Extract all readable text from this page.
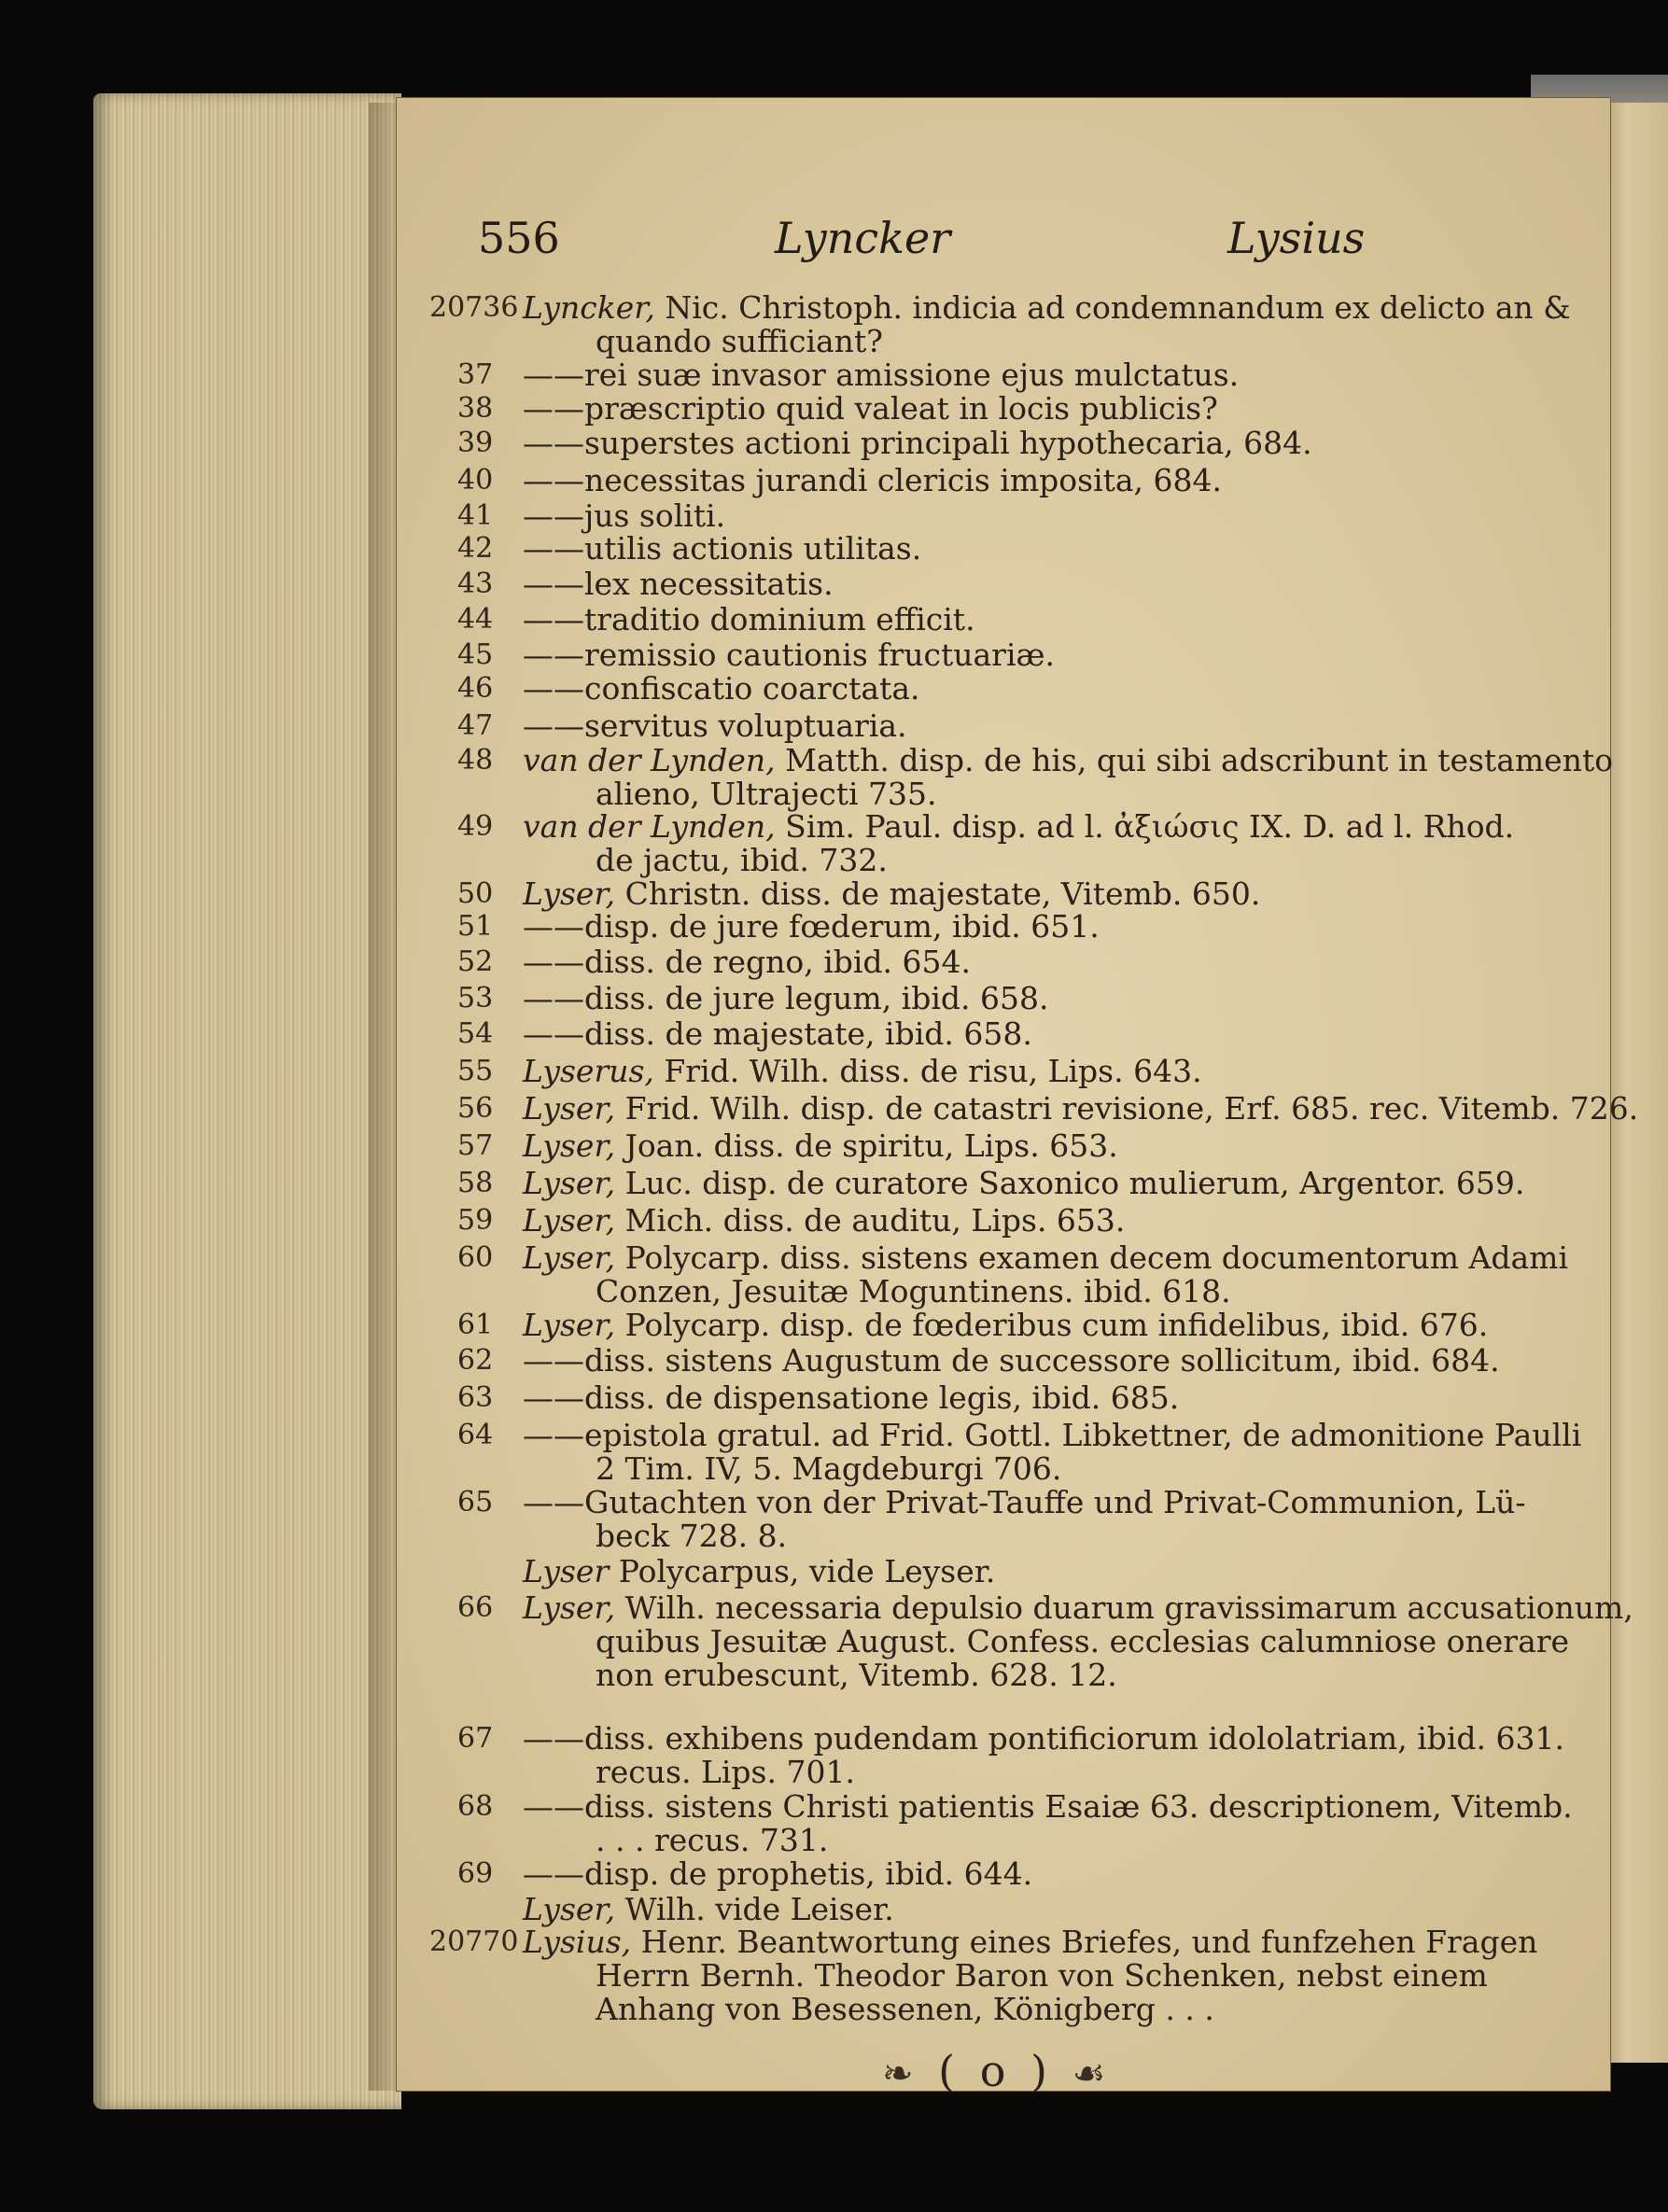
556	Lyncker	Lysius
20736 Lyncker, Nic. Christoph. indicia ad condemnandum ex delicto an &
quando sufficiant?
37 ——rei suæ invasor amissione ejus mulctatus.
38 ——præscriptio quid valeat in locis publicis?
39 ——superstes actioni principali hypothecaria, 684.
40 ——necessitas jurandi clericis imposita, 684.
41 ——jus soliti.
42 ——utilis actionis utilitas.
43 ——lex necessitatis.
44 ——traditio dominium efficit.
45 ——remissio cautionis fructuariæ.
46 ——confiscatio coarctata.
47 ——servitus voluptuaria.
48 van der Lynden, Matth. disp. de his, qui sibi adscribunt in testamento
alieno, Ultrajecti 735.
49 van der Lynden, Sim. Paul. disp. ad l. ἀξιώσις IX. D. ad l. Rhod.
de jactu, ibid. 732.
50 Lyser, Christn. diss. de majestate, Vitemb. 650.
51 ——disp. de jure fœderum, ibid. 651.
52 ——diss. de regno, ibid. 654.
53 ——diss. de jure legum, ibid. 658.
54 ——diss. de majestate, ibid. 658.
55 Lyserus, Frid. Wilh. diss. de risu, Lips. 643.
56 Lyser, Frid. Wilh. disp. de catastri revisione, Erf. 685. rec. Vitemb. 726.
57 Lyser, Joan. diss. de spiritu, Lips. 653.
58 Lyser, Luc. disp. de curatore Saxonico mulierum, Argentor. 659.
59 Lyser, Mich. diss. de auditu, Lips. 653.
60 Lyser, Polycarp. diss. sistens examen decem documentorum Adami
Conzen, Jesuitæ Moguntinens. ibid. 618.
61 Lyser, Polycarp. disp. de fœderibus cum infidelibus, ibid. 676.
62 ——diss. sistens Augustum de successore sollicitum, ibid. 684.
63 ——diss. de dispensatione legis, ibid. 685.
64 ——epistola gratul. ad Frid. Gottl. Libkettner, de admonitione Paulli
2 Tim. IV, 5. Magdeburgi 706.
65 ——Gutachten von der Privat-Tauffe und Privat-Communion, Lü-
beck 728. 8.
Lyser Polycarpus, vide Leyser.
66 Lyser, Wilh. necessaria depulsio duarum gravissimarum accusationum,
quibus Jesuitæ August. Confess. ecclesias calumniose onerare
non erubescunt, Vitemb. 628. 12.
67 ——diss. exhibens pudendam pontificiorum idololatriam, ibid. 631.
recus. Lips. 701.
68 ——diss. sistens Christi patientis Esaiæ 63. descriptionem, Vitemb.
. . . recus. 731.
69 ——disp. de prophetis, ibid. 644.
Lyser, Wilh. vide Leiser.
20770 Lysius, Henr. Beantwortung eines Briefes, und funfzehen Fragen
Herrn Bernh. Theodor Baron von Schenken, nebst einem
Anhang von Besessenen, Königberg . . .
❧ ( o ) ☙
